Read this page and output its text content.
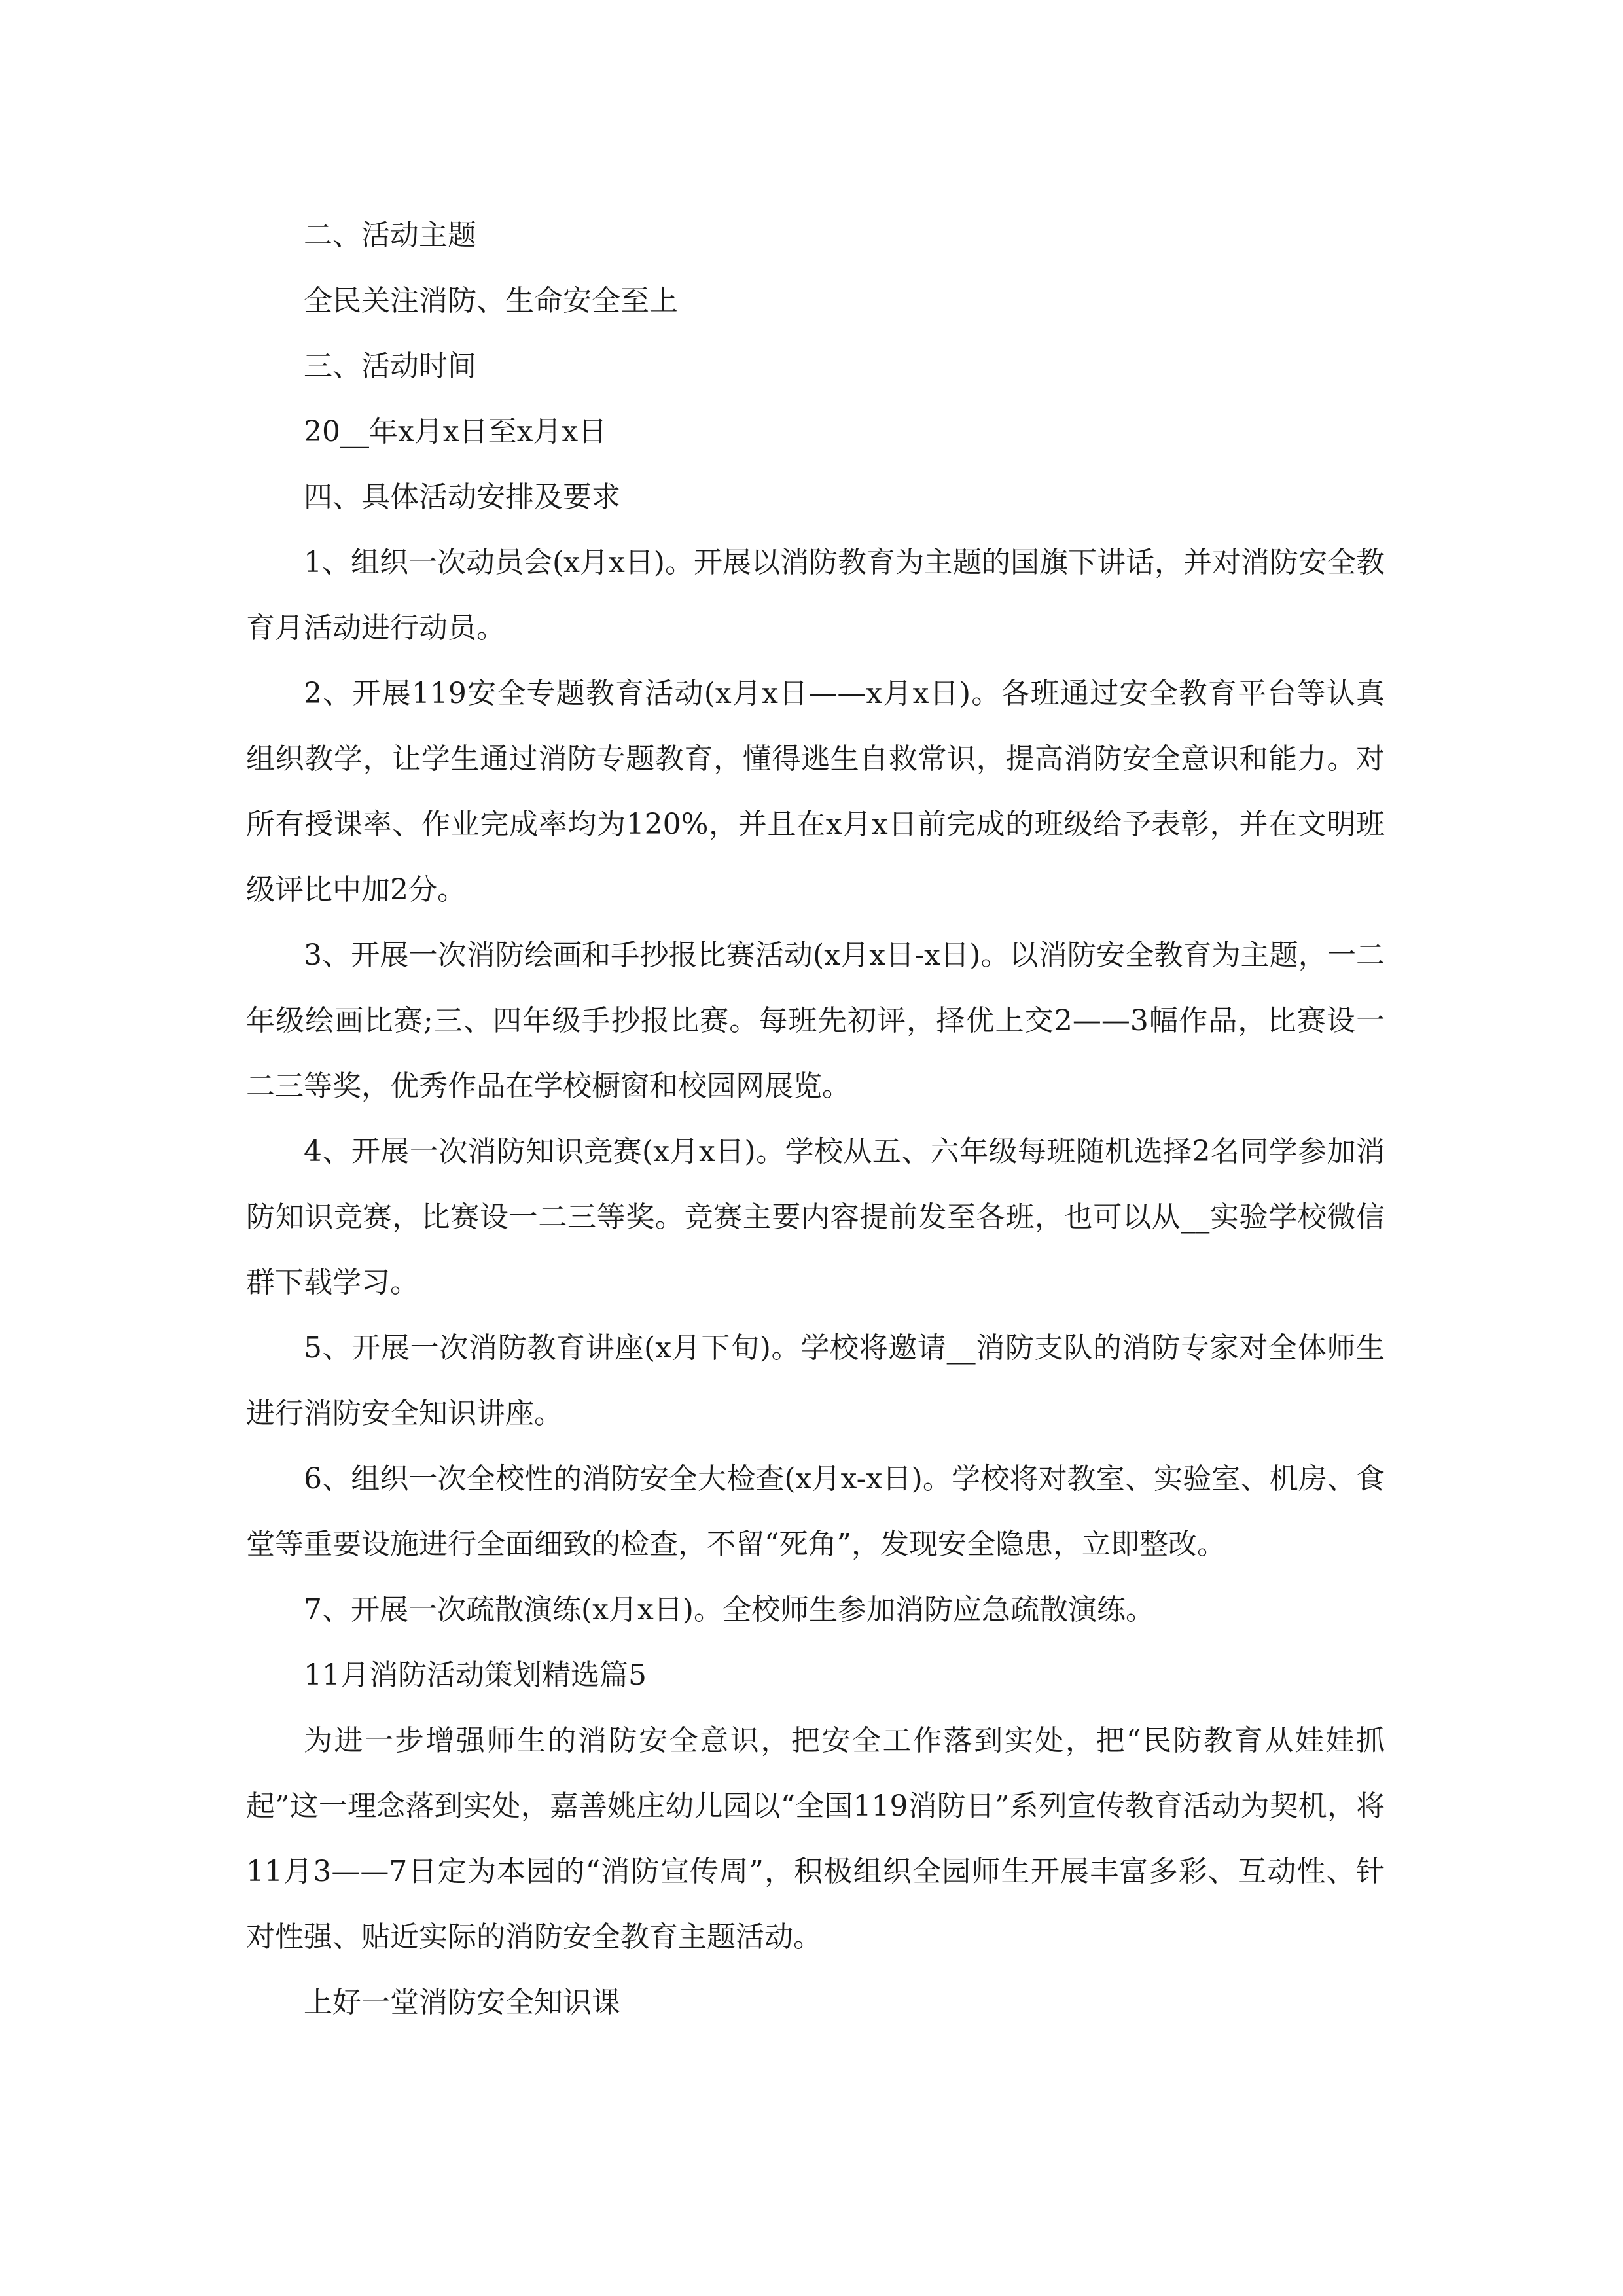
二、活动主题

全民关注消防、生命安全至上

三、活动时间

20__年x月x日至x月x日

四、具体活动安排及要求

1、组织一次动员会(x月x日)。开展以消防教育为主题的国旗下讲话，并对消防安全教育月活动进行动员。

2、开展119安全专题教育活动(x月x日——x月x日)。各班通过安全教育平台等认真组织教学，让学生通过消防专题教育，懂得逃生自救常识，提高消防安全意识和能力。对所有授课率、作业完成率均为120%，并且在x月x日前完成的班级给予表彰，并在文明班级评比中加2分。

3、开展一次消防绘画和手抄报比赛活动(x月x日-x日)。以消防安全教育为主题，一二年级绘画比赛;三、四年级手抄报比赛。每班先初评，择优上交2——3幅作品，比赛设一二三等奖，优秀作品在学校橱窗和校园网展览。

4、开展一次消防知识竞赛(x月x日)。学校从五、六年级每班随机选择2名同学参加消防知识竞赛，比赛设一二三等奖。竞赛主要内容提前发至各班，也可以从__实验学校微信群下载学习。

5、开展一次消防教育讲座(x月下旬)。学校将邀请__消防支队的消防专家对全体师生进行消防安全知识讲座。

6、组织一次全校性的消防安全大检查(x月x-x日)。学校将对教室、实验室、机房、食堂等重要设施进行全面细致的检查，不留“死角”，发现安全隐患，立即整改。

7、开展一次疏散演练(x月x日)。全校师生参加消防应急疏散演练。

11月消防活动策划精选篇5

为进一步增强师生的消防安全意识，把安全工作落到实处，把“民防教育从娃娃抓起”这一理念落到实处，嘉善姚庄幼儿园以“全国119消防日”系列宣传教育活动为契机，将11月3——7日定为本园的“消防宣传周”，积极组织全园师生开展丰富多彩、互动性、针对性强、贴近实际的消防安全教育主题活动。

上好一堂消防安全知识课
